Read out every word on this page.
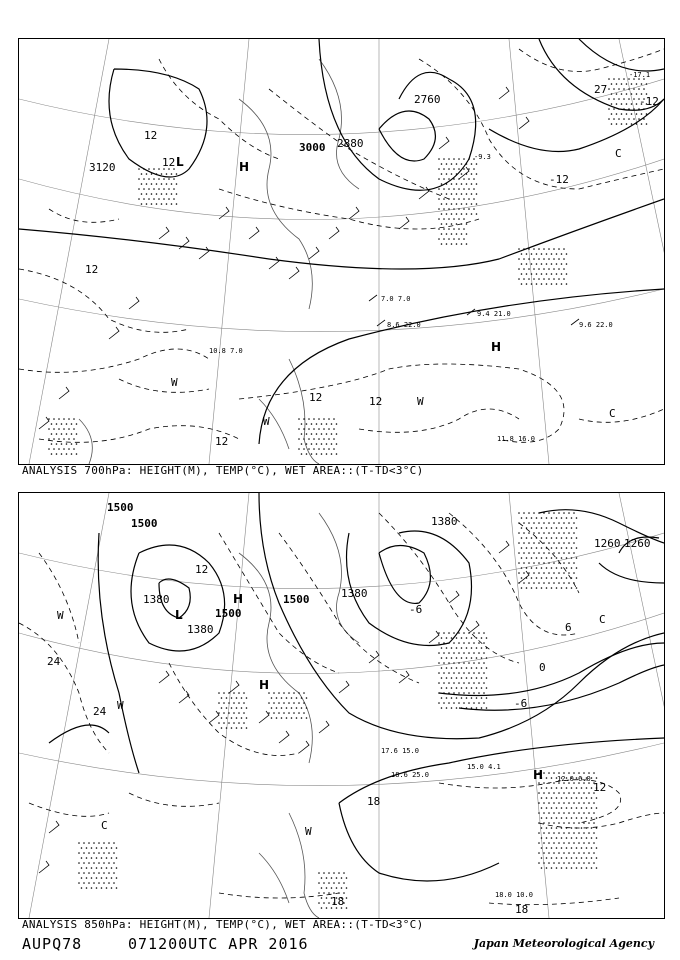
3120
3000 2880
2760
12
12
12
12	12
12
-12
-12
-17.1
-9.3
27
L	H
H
W
W
W
C
C
9.4 21.0
9.6 22.0
8.6 22.0
11.8 16.0
7.0 7.0
10.8 7.0
ANALYSIS 700hPa: HEIGHT(M), TEMP(°C), WET AREA::(T-TD<3°C)
1500
1500
1500
1500
1380
1380
1380
1260
1380
1260
24
24
18
18
18
12
12
6
0
-6
-6
L
H
H
H
W
W
W
C
C
15.0 4.1
12.0 6.0
18.0 10.0
18.6 25.0
17.6 15.0
ANALYSIS 850hPa: HEIGHT(M), TEMP(°C), WET AREA::(T-TD<3°C)
AUPQ78	071200UTC APR 2016	Japan Meteorological Agency
